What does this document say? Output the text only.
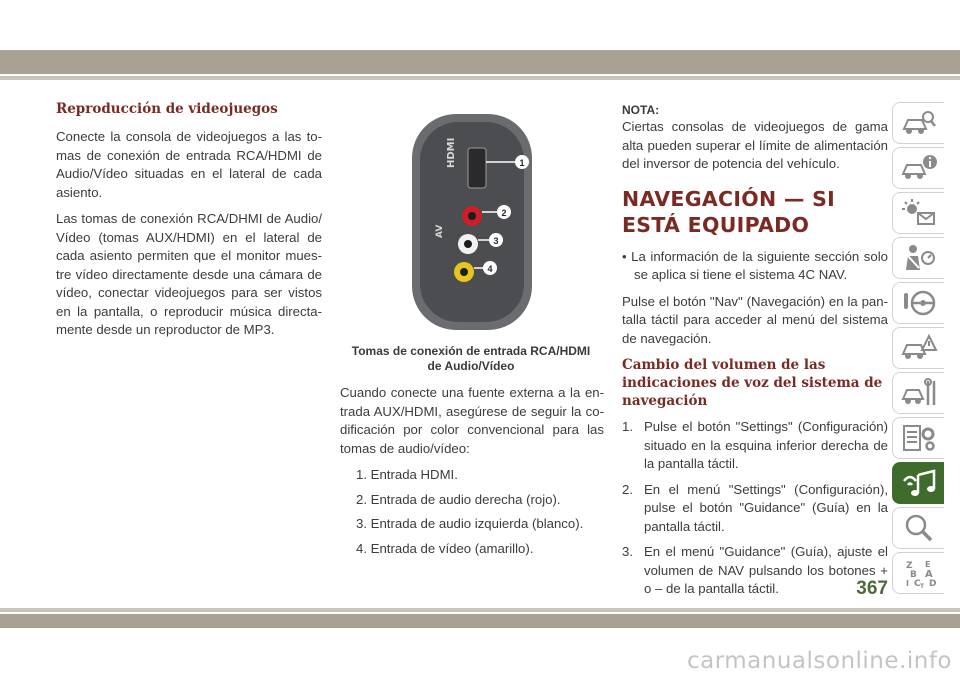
Reproducción de videojuegos

Conecte la consola de videojuegos a las to-mas de conexión de entrada RCA/HDMI de Audio/Vídeo situadas en el lateral de cada asiento.

Las tomas de conexión RCA/DHMI de Audio/ Vídeo (tomas AUX/HDMI) en el lateral de cada asiento permiten que el monitor mues-tre vídeo directamente desde una cámara de vídeo, conectar videojuegos para ser vistos en la pantalla, o reproducir música directa-mente desde un reproductor de MP3.

HDMI
AV
1
2
3
4
Tomas de conexión de entrada RCA/HDMI de Audio/Vídeo

Cuando conecte una fuente externa a la en-trada AUX/HDMI, asegúrese de seguir la co-dificación por color convencional para las tomas de audio/vídeo:

1. Entrada HDMI.
2. Entrada de audio derecha (rojo).
3. Entrada de audio izquierda (blanco).
4. Entrada de vídeo (amarillo).
NOTA:

Ciertas consolas de videojuegos de gama alta pueden superar el límite de alimentación del inversor de potencia del vehículo.

NAVEGACIÓN — SI ESTÁ EQUIPADO

• La información de la siguiente sección solo se aplica si tiene el sistema 4C NAV.

Pulse el botón "Nav" (Navegación) en la pan-talla táctil para acceder al menú del sistema de navegación.

Cambio del volumen de las indicaciones de voz del sistema de navegación
1. Pulse el botón "Settings" (Configuración) situado en la esquina inferior derecha de la pantalla táctil.
2. En el menú "Settings" (Configuración), pulse el botón "Guidance" (Guía) en la pantalla táctil.
3. En el menú "Guidance" (Guía), ajuste el volumen de NAV pulsando los botones + o – de la pantalla táctil.
Z E
B A
I C D
T
367
carmanualsonline.info
